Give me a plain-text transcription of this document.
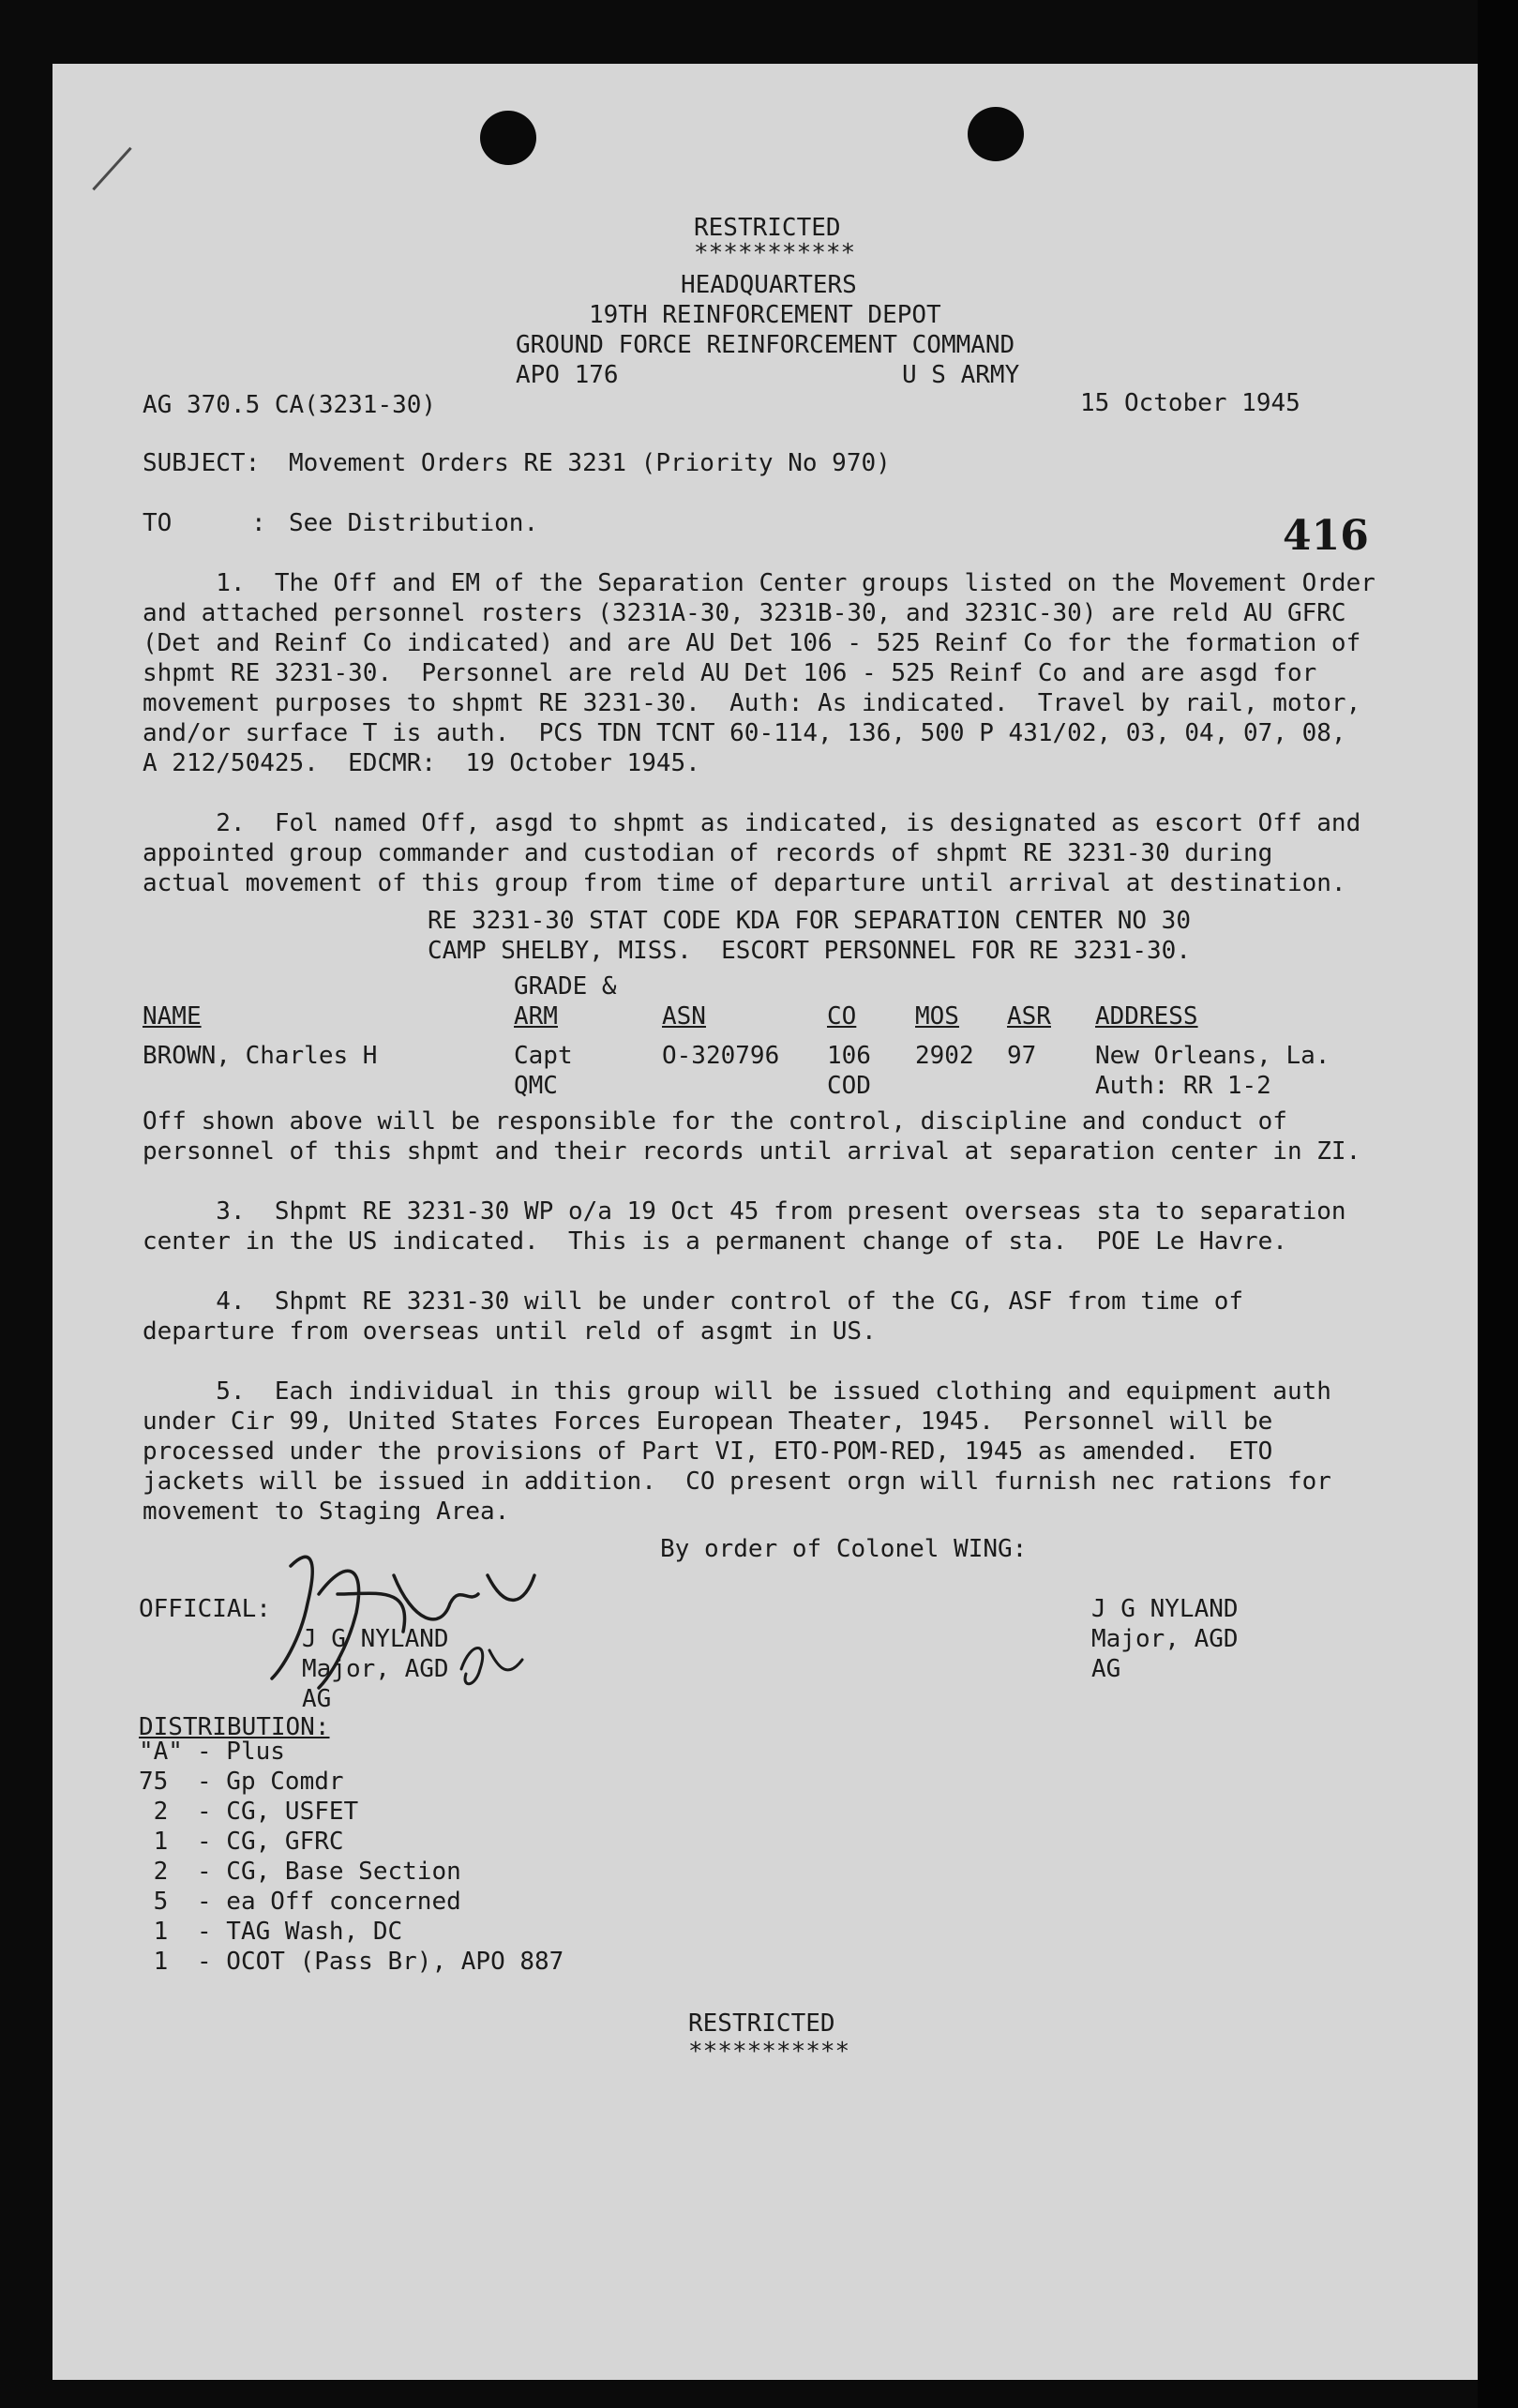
RESTRICTED
***********
HEADQUARTERS
19TH REINFORCEMENT DEPOT
GROUND FORCE REINFORCEMENT COMMAND
APO 176	U S ARMY
AG 370.5 CA(3231-30)	15 October 1945
SUBJECT: Movement Orders RE 3231 (Priority No 970)
TO	: See Distribution.	416
1.  The Off and EM of the Separation Center groups listed on the Movement Order
and attached personnel rosters (3231A-30, 3231B-30, and 3231C-30) are reld AU GFRC
(Det and Reinf Co indicated) and are AU Det 106 - 525 Reinf Co for the formation of
shpmt RE 3231-30.  Personnel are reld AU Det 106 - 525 Reinf Co and are asgd for
movement purposes to shpmt RE 3231-30.  Auth: As indicated.  Travel by rail, motor,
and/or surface T is auth.  PCS TDN TCNT 60-114, 136, 500 P 431/02, 03, 04, 07, 08,
A 212/50425.  EDCMR:  19 October 1945.
2.  Fol named Off, asgd to shpmt as indicated, is designated as escort Off and
appointed group commander and custodian of records of shpmt RE 3231-30 during
actual movement of this group from time of departure until arrival at destination.
RE 3231-30 STAT CODE KDA FOR SEPARATION CENTER NO 30
CAMP SHELBY, MISS.  ESCORT PERSONNEL FOR RE 3231-30.
GRADE &
NAME	ARM	ASN	CO MOS ASR ADDRESS
BROWN, Charles H	Capt	O-320796 106 2902 97 New Orleans, La.
QMC	COD	Auth: RR 1-2
Off shown above will be responsible for the control, discipline and conduct of
personnel of this shpmt and their records until arrival at separation center in ZI.
3.  Shpmt RE 3231-30 WP o/a 19 Oct 45 from present overseas sta to separation
center in the US indicated.  This is a permanent change of sta.  POE Le Havre.
4.  Shpmt RE 3231-30 will be under control of the CG, ASF from time of
departure from overseas until reld of asgmt in US.
5.  Each individual in this group will be issued clothing and equipment auth
under Cir 99, United States Forces European Theater, 1945.  Personnel will be
processed under the provisions of Part VI, ETO-POM-RED, 1945 as amended.  ETO
jackets will be issued in addition.  CO present orgn will furnish nec rations for
movement to Staging Area.
By order of Colonel WING:
OFFICIAL:
J G NYLAND
Major, AGD
AG
JGNyland
gh
J G NYLAND
Major, AGD
AG
DISTRIBUTION:
"A" - Plus
75 - Gp Comdr
2 - CG, USFET
1 - CG, GFRC
2 - CG, Base Section
5 - ea Off concerned
1 - TAG Wash, DC
1 - OCOT (Pass Br), APO 887
RESTRICTED
***********
